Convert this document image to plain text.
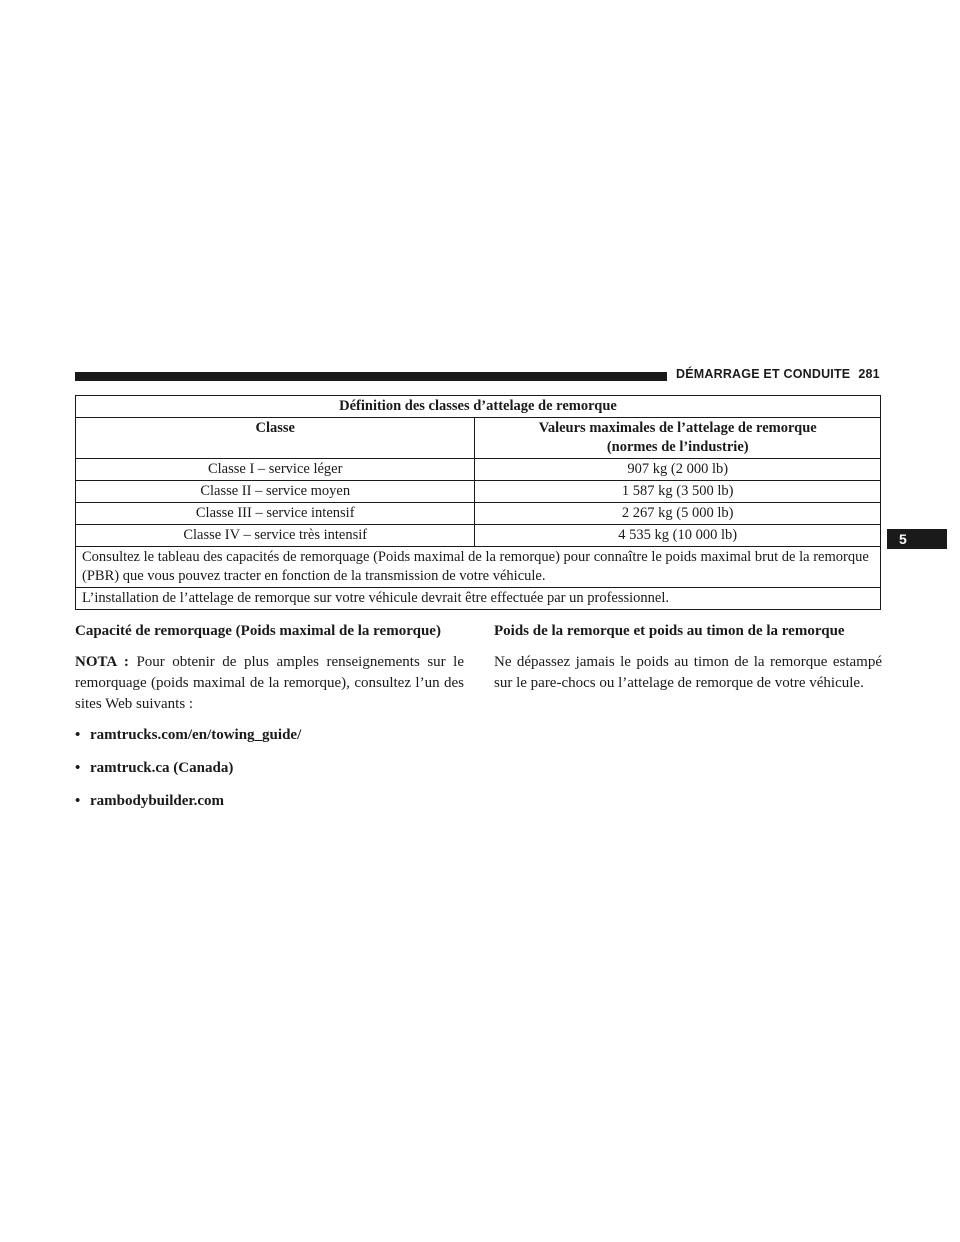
DÉMARRAGE ET CONDUITE 281
5
Définition des classes d’attelage de remorque	
Classe	Valeurs maximales de l’attelage de remorque (normes de l’industrie)
Classe I – service léger	907 kg (2 000 lb)
Classe II – service moyen	1 587 kg (3 500 lb)
Classe III – service intensif	2 267 kg (5 000 lb)
Classe IV – service très intensif	4 535 kg (10 000 lb)
Consultez le tableau des capacités de remorquage (Poids maximal de la remorque) pour connaître le poids maximal brut de la remorque (PBR) que vous pouvez tracter en fonction de la transmission de votre véhicule.	
L’installation de l’attelage de remorque sur votre véhicule devrait être effectuée par un professionnel.	
Capacité de remorquage (Poids maximal de la remorque)

NOTA : Pour obtenir de plus amples renseignements sur le remorquage (poids maximal de la remorque), consultez l’un des sites Web suivants :

• ramtrucks.com/en/towing_guide/
• ramtruck.ca (Canada)
• rambodybuilder.com
Poids de la remorque et poids au timon de la remorque

Ne dépassez jamais le poids au timon de la remorque estampé sur le pare-chocs ou l’attelage de remorque de votre véhicule.
